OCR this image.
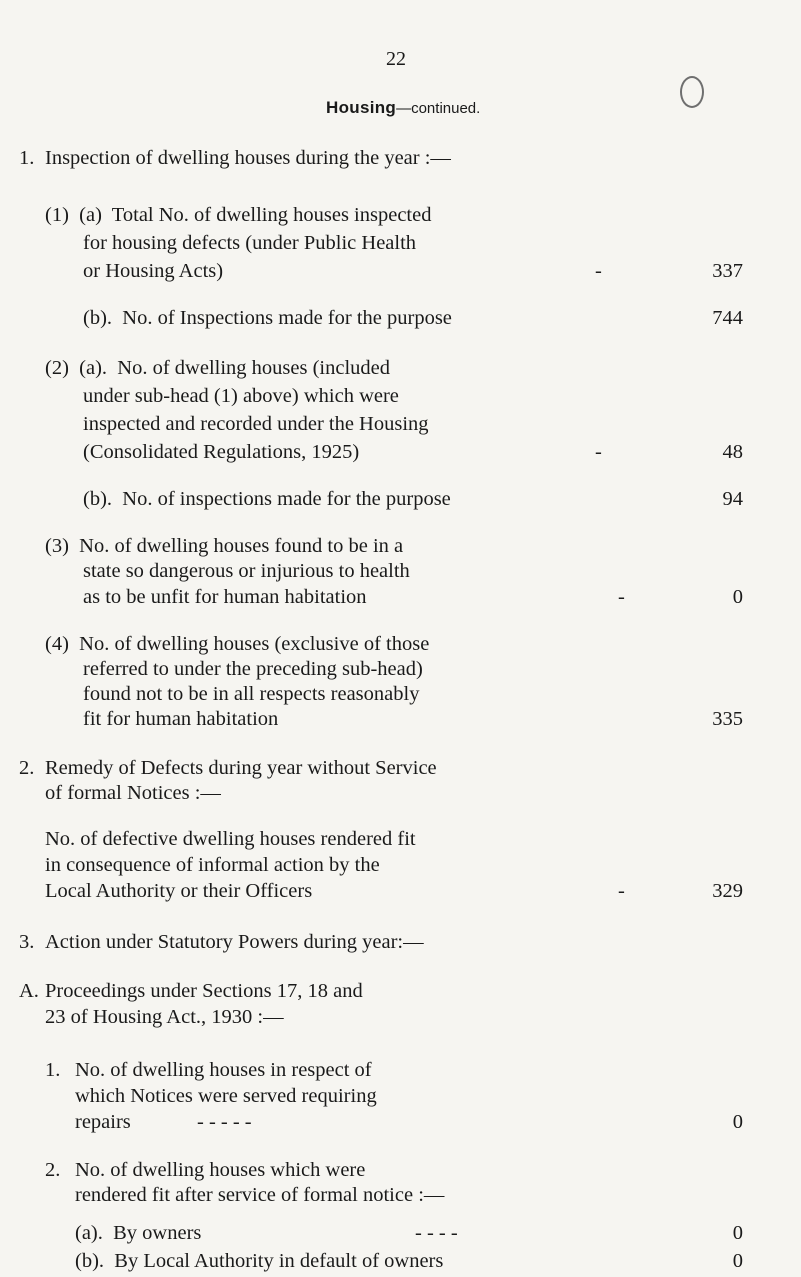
22
Housing—continued.
1. Inspection of dwelling houses during the year :—
(1)  (a)  Total No. of dwelling houses inspected
for housing defects (under Public Health
or Housing Acts)	-	337
(b).  No. of Inspections made for the purpose	744
(2)  (a).  No. of dwelling houses (included
under sub-head (1) above) which were
inspected and recorded under the Housing
(Consolidated Regulations, 1925)	-	48
(b).  No. of inspections made for the purpose	94
(3)  No. of dwelling houses found to be in a
state so dangerous or injurious to health
as to be unfit for human habitation	-	0
(4)  No. of dwelling houses (exclusive of those
referred to under the preceding sub-head)
found not to be in all respects reasonably
fit for human habitation	335
2. Remedy of Defects during year without Service
of formal Notices :—
No. of defective dwelling houses rendered fit
in consequence of informal action by the
Local Authority or their Officers	-	329
3. Action under Statutory Powers during year:—
A. Proceedings under Sections 17, 18 and
23 of Housing Act., 1930 :—
1. No. of dwelling houses in respect of
which Notices were served requiring
repairs	- - - - -	0
2. No. of dwelling houses which were
rendered fit after service of formal notice :—
(a).  By owners	- - - -	0
(b).  By Local Authority in default of owners	0
